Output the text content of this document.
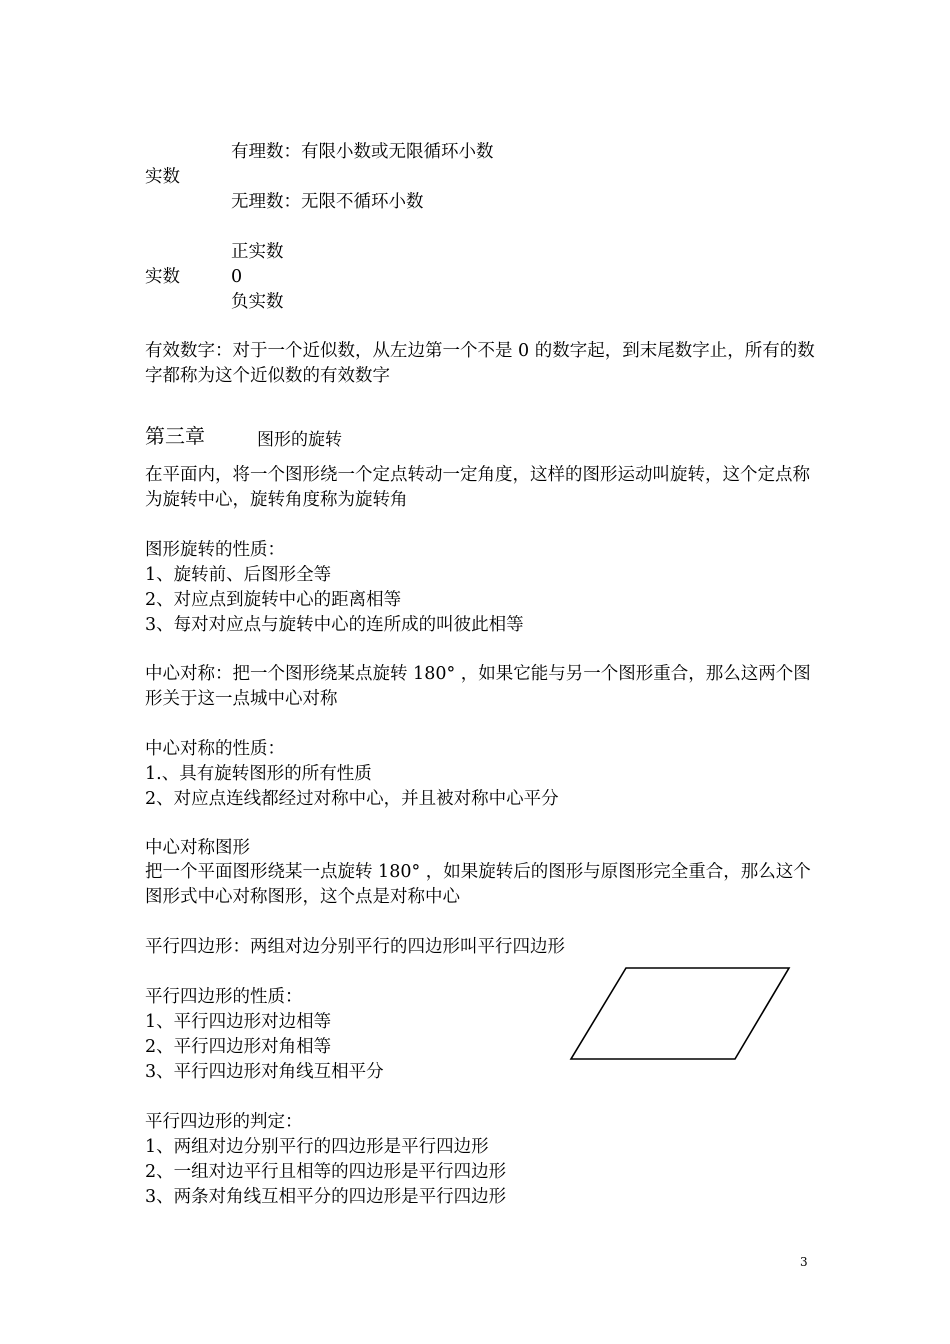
有理数：有限小数或无限循环小数

实数

无理数：无限不循环小数

正实数

实数	0

负实数

有效数字：对于一个近似数，从左边第一个不是 0 的数字起，到末尾数字止，所有的数字都称为这个近似数的有效数字

第三章	图形的旋转

在平面内，将一个图形绕一个定点转动一定角度，这样的图形运动叫旋转，这个定点称为旋转中心，旋转角度称为旋转角

图形旋转的性质：

1、旋转前、后图形全等

2、对应点到旋转中心的距离相等

3、每对对应点与旋转中心的连所成的叫彼此相等

中心对称：把一个图形绕某点旋转 180° ，如果它能与另一个图形重合，那么这两个图形关于这一点城中心对称

中心对称的性质：

1.、具有旋转图形的所有性质

2、对应点连线都经过对称中心，并且被对称中心平分

中心对称图形

把一个平面图形绕某一点旋转 180° ，如果旋转后的图形与原图形完全重合，那么这个图形式中心对称图形，这个点是对称中心

平行四边形：两组对边分别平行的四边形叫平行四边形

平行四边形的性质：

1、平行四边形对边相等

2、平行四边形对角相等

3、平行四边形对角线互相平分

平行四边形的判定：

1、两组对边分别平行的四边形是平行四边形

2、一组对边平行且相等的四边形是平行四边形

3、两条对角线互相平分的四边形是平行四边形

3
